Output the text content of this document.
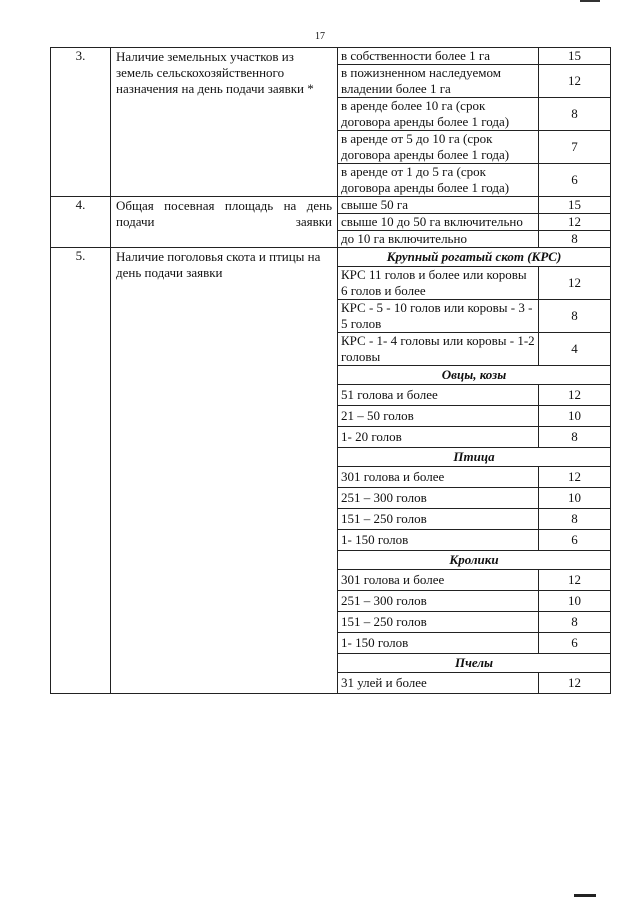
17
3.	Наличие земельных участков из земель сельскохозяйственного назначения на день подачи заявки *	в собственности более 1 га	15
		в пожизненном наследуемом владении более 1 га	12
		в аренде более 10 га (срок договора аренды более 1 года)	8
		в аренде от 5 до 10 га (срок договора аренды более 1 года)	7
		в аренде от 1 до 5 га (срок договора аренды более 1 года)	6
4.	Общая посевная площадь на день подачи заявки	свыше 50 га	15
		свыше 10 до 50 га включительно	12
		до 10 га включительно	8
5.	Наличие поголовья скота и птицы на день подачи заявки	Крупный рогатый скот (КРС)	
		КРС 11 голов и более или коровы 6 голов и более	12
		КРС - 5 - 10 голов или коровы - 3 - 5 голов	8
		КРС - 1- 4 головы или коровы - 1-2 головы	4
		Овцы, козы	
		51 голова и более	12
		21 – 50 голов	10
		1- 20 голов	8
		Птица	
		301 голова и более	12
		251 – 300 голов	10
		151 – 250 голов	8
		1- 150 голов	6
		Кролики	
		301 голова и более	12
		251 – 300 голов	10
		151 – 250 голов	8
		1- 150 голов	6
		Пчелы	
		31 улей и более	12
